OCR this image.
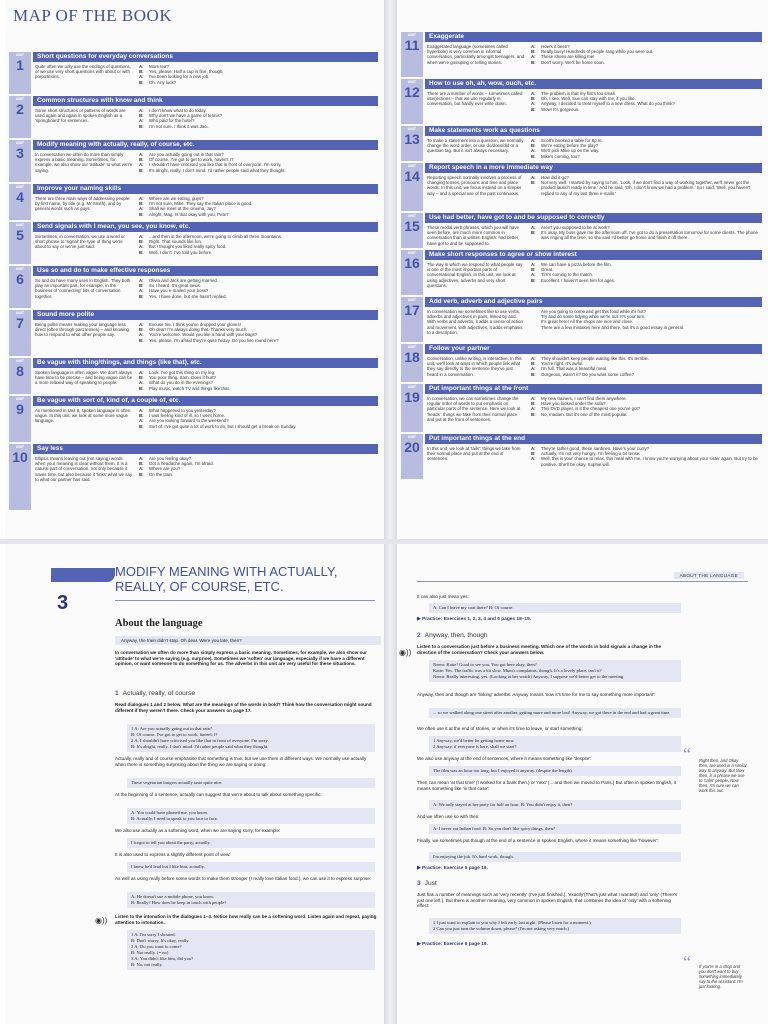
MAP OF THE BOOK
UNIT
1
Short questions for everyday conversations
Quite often we only use the endings of questions, or we use very short questions with about or with prepositions.
A:	More tea?
B:	Yes, please. Half a cup is fine, though.
A:	I've been looking for a new job.
B:	Oh. Any luck?
UNIT
2
Common structures with know and think
Some short structures or patterns of words are used again and again in spoken English as a 'springboard' for sentences.
A:	I don't know what to do today.
B:	Why don't we have a game of tennis?
A:	Who paid for the hotel?
B:	I'm not sure. I think it was Jaci.
UNIT
3
Modify meaning with actually, really, of course, etc.
In conversation we often do more than simply express a basic meaning. Sometimes, for example, we also show our 'attitude' to what we're saying.
A:	Are you actually going out in that rain?
B:	Of course. I've got to get to work, haven't I?
A:	I shouldn't have criticised you like that in front of everyone. I'm sorry.
B:	It's alright, really. I don't mind. I'd rather people said what they thought.
UNIT
4
Improve your naming skills
There are three main ways of addressing people: by first name, by title (e.g. Mr Smith), and by general words such as guys.
A:	Where are we eating, guys?
B:	I'm not sure, Mike. They say the Italian place is good.
A:	Shall we meet at the cinema, Jay?
B:	Alright, Mag. Is that okay with you, Pete?
UNIT
5
Send signals with I mean, you see, you know, etc.
Sometimes, in conversation, we use a word or short phrase to 'signal' the type of thing we're about to say or we've just said.
A:	...and then in the afternoon, we're going to climb all three mountains.
B:	Right. That sounds like fun.
A:	But I thought you liked really spicy food.
B:	Well, I don't. I've told you before.
UNIT
6
Use so and do to make effective responses
So and do have many uses in English. They both play an important part, for example, in the business of 'connecting' bits of conversation together.
A:	Olivia and Jack are getting married.
B:	So I heard. It's great news.
A:	Have you e-mailed your boss?
B:	Yes, I have done, but she hasn't replied.
UNIT
7
Sound more polite
Being polite means making your language less direct (often through past tenses) – and knowing how to respond to what other people say.
A:	Excuse me. I think you've dropped your gloves!
B:	Oh dear! I'm always doing that. Thanks very much.
A:	You're welcome. Would you like a hand with your bags?
B:	Yes, please. I'm afraid they're quite heavy. Do you live round here?
UNIT
8
Be vague with thing/things, and things (like that), etc.
Spoken language is often vague. We don't always have time to be precise – and being vague can be a more relaxed way of speaking to people.
A:	Look. I've got this thing on my leg.
B:	You poor thing. Sam. Does it hurt?
A:	What do you do in the evenings?
B:	Play music, watch TV and things like that.
UNIT
9
Be vague with sort of, kind of, a couple of, etc.
As mentioned in Unit 8, spoken language is often vague. In this unit, we look at some more vague language.
A:	What happened to you yesterday?
B:	I was feeling kind of ill, so I went home.
A:	Are you looking forward to the weekend?
B:	Sort of. I've got quite a lot of work to do, but I should get a break on Sunday.
UNIT
10
Say less
Ellipsis means leaving out (not saying) words when your meaning is clear without them. It is a natural part of conversation, not only because it saves time, but also because it 'links' what we say to what our partner has said.
A:	Are you feeling okay?
B:	Got a headache again, I'm afraid.
A:	Where are you?
B:	On the train.
UNIT
11
Exaggerate
Exaggerated language (sometimes called hyperbole) is very common in informal conversation, particularly amongst teenagers, and when we're gossiping or telling stories.
A:	How's it been?
B:	Really busy! Hundreds of people rang while you were out.
A:	These shoes are killing me!
B:	Don't worry. We'll be home soon.
UNIT
12
How to use oh, ah, wow, ouch, etc.
There are a number of words – sometimes called interjections – that we use regularly in conversation, but hardly ever write down.
A:	The problem is that my flat's too small.
B:	Oh, I see. Well, Sue can stay with me, if you like.
A:	Anyway, I decided to treat myself to a new dress. What do you think?
B:	Wow! It's gorgeous.
UNIT
13
Make statements work as questions
To make a statement into a question, we normally change the word order, or use do/does/did or a question tag. But it isn't always necessary.
A:	Scott's booked a table for 8p.m.
B:	We're eating before the play?
A:	We'll pick Mike up on the way.
B:	Mike's coming, too?
UNIT
14
Report speech in a more immediate way
Reporting speech normally involves a process of changing tenses, pronouns and time and place words. In this unit, we focus instead on a simpler way – and a special use of the past continuous.
A:	How did it go?
B:	Not very well. I started by saying to him, 'Look, if we don't find a way of working together, we'll never get the product launch ready in time.' And he said, 'Oh, I don't know we had a problem.' So I said, 'Well, you haven't replied to any of my last three e-mails.'
UNIT
15
Use had better, have got to and be supposed to correctly
These modal verb phrases, which you will have seen before, are much more common in conversation than in written English: had better, have got to and be supposed to.
A:	Aren't you supposed to be at work?
B:	It's okay. My boss gave me the afternoon off. I've got to do a presentation tomorrow for some clients. The phone was ringing all the time, so she said I'd better go home and finish it off there.
UNIT
16
Make short responses to agree or show interest
The way in which we respond to what people say is one of the most important parts of conversational English. In this unit, we look at using adjectives, adverbs and very short questions.
A:	We can have a pizza before the film.
B:	Great.
A:	Tim's coming to the match.
B:	Excellent. I haven't seen him for ages.
UNIT
17
Add verb, adverb and adjective pairs
In conversation we sometimes like to use verbs, adverbs and adjectives in pairs, linked by and. With verbs and adverbs, it adds a sense of action and movement, with adjectives, it adds emphasis to a description.
Are you going to come and get this food while it's hot?
Try and do some tidying while we're out. It's your turn.
It's great here! All the shops are nice and close.
There are a few mistakes here and there, but it's a good essay in general.
UNIT
18
Follow your partner
Conversation, unlike writing, is interactive. In this unit, we'll look at ways in which people link what they say directly to the sentence they've just heard in a conversation.
A:	They shouldn't keep people waiting like this. It's terrible.
B:	You're right. It's awful.
A:	I'm full. That was a beautiful meal.
B:	Gorgeous, wasn't it? Do you want some coffee?
UNIT
19
Put important things at the front
In conversation, we can sometimes change the regular order of words to put emphasis on particular parts of the sentence. Here we look at 'heads': things we take from their normal place and put at the front of sentences.
A:	My new trainers, I can't find them anywhere.
B:	Have you looked under the sofa?
A:	This DVD player, is it the cheapest one you've got?
B:	No, madam. But it's one of the most popular.
UNIT
20
Put important things at the end
In this unit, we look at 'tails': things we take from their normal place and put at the end of sentences.
A:	They're rather good, these sardines. Have's your curry?
B:	Actually, I'm not very hungry. I'm feeling a bit tense.
A:	Well, this is your chance to relax, this meal with me. I know you're worrying about your sister again. But try to be positive. She'll be okay, Sophie will.
3
MODIFY MEANING WITH ACTUALLY, REALLY, OF COURSE, ETC.
About the language
Anyway, the train didn't stop. Oh dear. Were you late, then?
In conversation we often do more than simply express a basic meaning. Sometimes, for example, we also show our 'attitude' to what we're saying (e.g. surprise). Sometimes we 'soften' our language, especially if we have a different opinion, or want someone to do something for us. The adverbs in this unit are very useful for these situations.
1 Actually, really, of course
Read dialogues 1 and 2 below. What are the meanings of the words in bold? Think how the conversation might sound different if they weren't there. Check your answers on page 17.
1 A: Are you actually going out in that rain?
B: Of course. I've got to get to work, haven't I?
2 A: I shouldn't have criticised you like that in front of everyone. I'm sorry.
B: It's alright, really. I don't mind. I'd rather people said what they thought.
Actually, really and of course emphasise that something is true, but we use them in different ways. We normally use actually when there is something surprising about the thing we are saying or doing:
These vegetarian burgers actually taste quite nice.
At the beginning of a sentence, actually can suggest that we're about to talk about something specific:
A: You could have phoned me, you know.
B: Actually, I need to speak to you face to face.
We also use actually as a softening word, when we are saying sorry, for example:
I forgot to tell you about the party, actually.
It is also used to express a slightly different point of view:
I knew he'd lead but I like him, actually.
As well as using really before some words to make them stronger (I really love Italian food.), we can use it to express surprise:
A: He doesn't use a mobile phone, you know.
B: Really? How does he keep in touch with people?
◉)) Listen to the intonation in the dialogues 1–3. Notice how really can be a softening word. Listen again and repeat, paying attention to intonation.
1 A: I'm sorry I shouted.
B: Don't worry. It's okay, really.
2 A: Do you want to come?
B: Not really. (= no)
3 A: You didn't like him, did you?
B: No, not really.
ABOUT THE LANGUAGE
It can also just mean yes:
A: Can I leave my coat there? B: Of course.
▶ Practice: Exercises 1, 2, 3, 4 and 6 pages 18–19.
2 Anyway, then, though
◉))
Listen to a conversation just before a business meeting. Which one of the words in bold signals a change in the direction of the conversation? Check your answers below.
Neera: Katie! Good to see you. You got here okay, then?
Katie: Yes. The traffic was a bit slow. Mum's complaints, though. It's a lovely place, isn't it?
Neera: Really interesting, yes. (Looking at her watch) Anyway, I suppose we'd better get to the meeting.
Anyway, then and though are 'linking' adverbs. Anyway means 'now it's time for me to say something more important':
... so we walked along one street after another, getting more and more lost! Anyway, we got there in the end and had a great time.
We often use it at the end of stories, or when it's time to leave, or start something:
1 Anyway, we'd better be getting home now.
2 Anyway, if everyone is here, shall we start?
We also use anyway at the end of sentences, where it means something like 'despite':
The film was an hour too long, but I enjoyed it anyway. (despite the length)
Then can mean 'at that time' (I worked for a bank then.) or 'next' (... and then we moved to Paris.) But often in spoken English, it means something like 'in that case':
A: We only stayed at her party for half an hour. B: You didn't enjoy it, then?
And we often use so with then:
A: I never eat Indian food. B: So you don't like spicy things, then?
Finally, we sometimes put though at the end of a sentence in spoken English, where it means something like 'however':
I'm enjoying the job. It's hard work, though.
▶ Practice: Exercise 5 page 19.
3 Just
Just has a number of meanings such as 'very recently' (I've just finished.), 'exactly'(That's just what I wanted!) and 'only' (There's just one left.). But there is another meaning, very common in spoken English, that combines the idea of 'only' with a softening effect:
1 I just want to explain to you why I left early last night. (Please listen for a moment.)
2 Can you just turn the volume down, please? (I'm not asking very much.)
▶ Practice: Exercise 6 page 19.
“ Right then, and Okay then, are used in a similar way to anyway. But Now then, is a phrase we use to 'calm' people. Now then. I'm sure we can work this out.
“ If you're in a shop and you don't want to buy something immediately, say to the assistant: I'm just looking.
